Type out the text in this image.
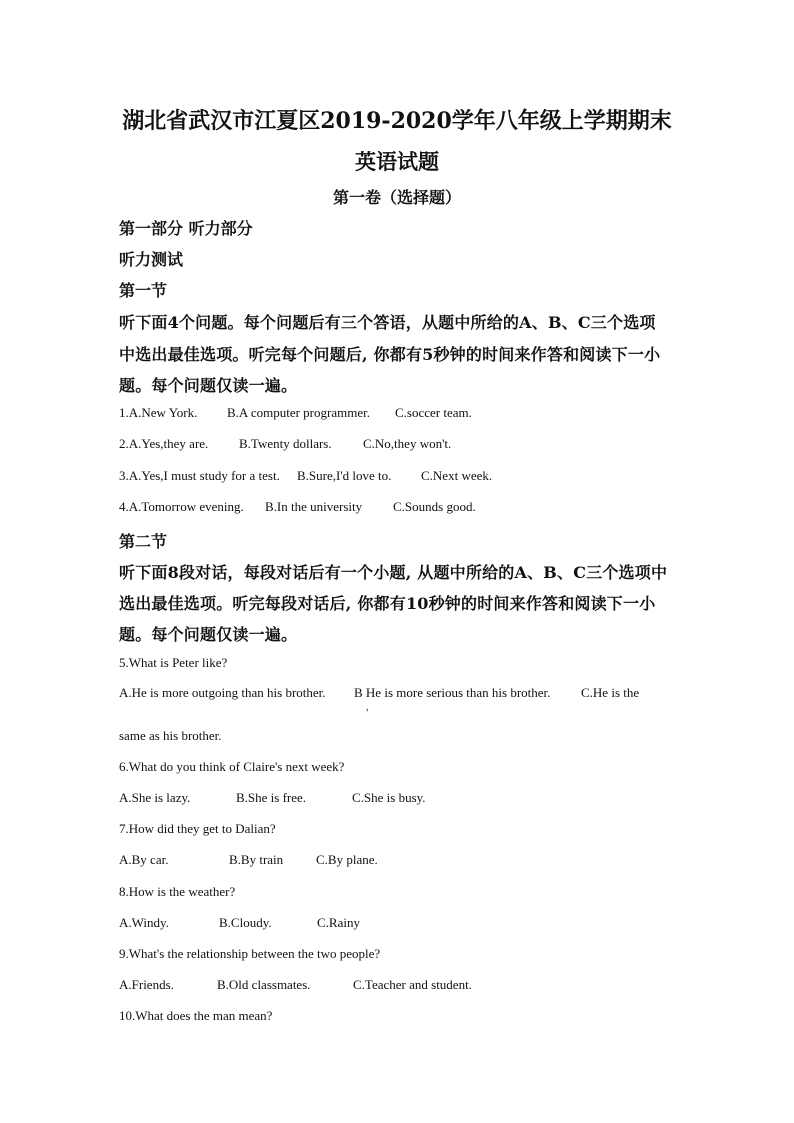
湖北省武汉市江夏区2019-2020学年八年级上学期期末
英语试题
第一卷（选择题）
第一部分 听力部分
听力测试
第一节
听下面4个问题。每个问题后有三个答语，从题中所给的A、B、C三个选项
中选出最佳选项。听完每个问题后, 你都有5秒钟的时间来作答和阅读下一小
题。每个问题仅读一遍。
1.A.New York. B.A computer programmer. C.soccer team.
2.A.Yes,they are. B.Twenty dollars. C.No,they won't.
3.A.Yes,I must study for a test. B.Sure,I'd love to. C.Next week.
4.A.Tomorrow evening. B.In the university C.Sounds good.
第二节
听下面8段对话，每段对话后有一个小题, 从题中所给的A、B、C三个选项中
选出最佳选项。听完每段对话后, 你都有10秒钟的时间来作答和阅读下一小
题。每个问题仅读一遍。
5.What is Peter like?
A.He is more outgoing than his brother. B He is more serious than his brother. C.He is the
,
same as his brother.
6.What do you think of Claire's next week?
A.She is lazy.	B.She is free.	C.She is busy.
7.How did they get to Dalian?
A.By car.	B.By train	C.By plane.
8.How is the weather?
A.Windy.	B.Cloudy.	C.Rainy
9.What's the relationship between the two people?
A.Friends.	B.Old classmates.	C.Teacher and student.
10.What does the man mean?
